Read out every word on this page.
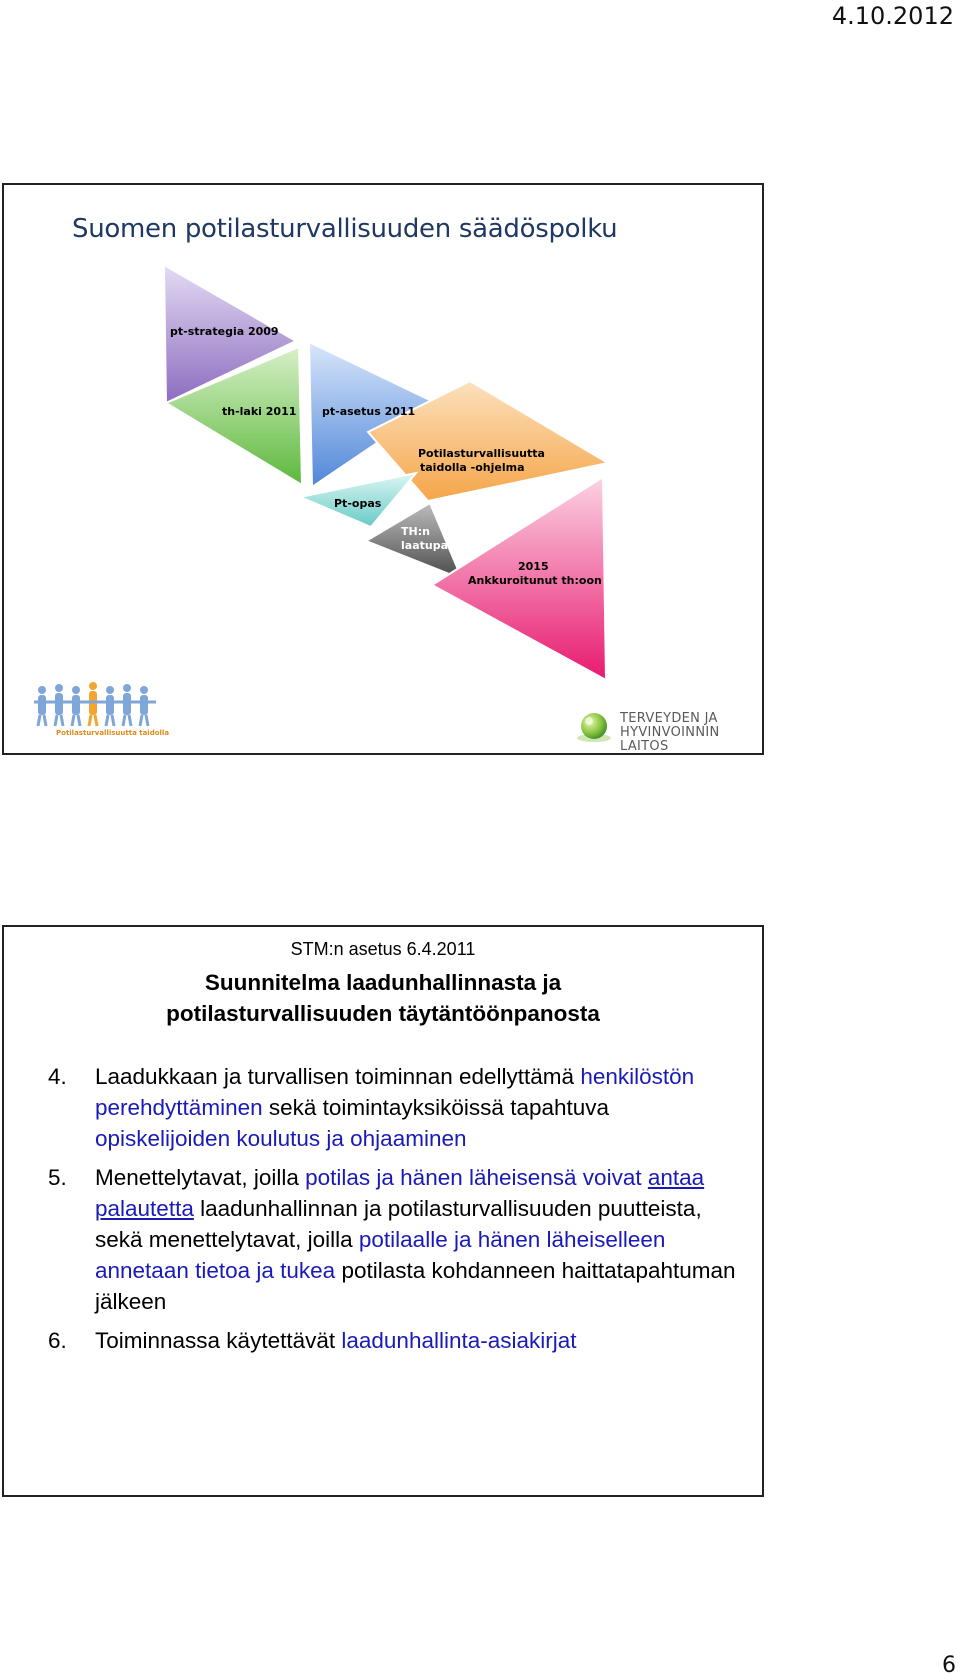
4.10.2012
Suomen potilasturvallisuuden säädöspolku
pt-strategia 2009
th-laki 2011 pt-asetus 2011
Potilasturvallisuutta
taidolla -ohjelma
Pt-opas
TH:n
laatupas
2015
Ankkuroitunut th:oon
Potilasturvallisuutta taidolla
TERVEYDEN JA
HYVINVOINNIN LAITOS
STM:n asetus 6.4.2011
Suunnitelma laadunhallinnasta ja
potilasturvallisuuden täytäntöönpanosta
4. Laadukkaan ja turvallisen toiminnan edellyttämä henkilöstön perehdyttäminen sekä toimintayksiköissä tapahtuva opiskelijoiden koulutus ja ohjaaminen
5. Menettelytavat, joilla potilas ja hänen läheisensä voivat antaa palautetta laadunhallinnan ja potilasturvallisuuden puutteista, sekä menettelytavat, joilla potilaalle ja hänen läheiselleen annetaan tietoa ja tukea potilasta kohdanneen haittatapahtuman jälkeen
6. Toiminnassa käytettävät laadunhallinta-asiakirjat
6
